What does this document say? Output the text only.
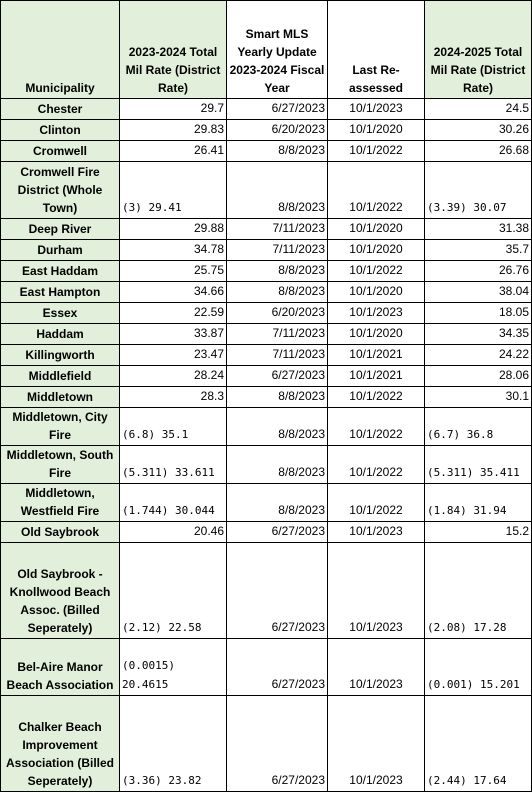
Municipality	2023-2024 Total Mil Rate (District Rate)	Smart MLS Yearly Update 2023-2024 Fiscal Year	Last Re-assessed	2024-2025 Total Mil Rate (District Rate)
Chester	29.7	6/27/2023	10/1/2023	24.5
Clinton	29.83	6/20/2023	10/1/2020	30.26
Cromwell	26.41	8/8/2023	10/1/2022	26.68
Cromwell Fire District (Whole Town)	(3) 29.41	8/8/2023	10/1/2022	(3.39) 30.07
Deep River	29.88	7/11/2023	10/1/2020	31.38
Durham	34.78	7/11/2023	10/1/2020	35.7
East Haddam	25.75	8/8/2023	10/1/2022	26.76
East Hampton	34.66	8/8/2023	10/1/2020	38.04
Essex	22.59	6/20/2023	10/1/2023	18.05
Haddam	33.87	7/11/2023	10/1/2020	34.35
Killingworth	23.47	7/11/2023	10/1/2021	24.22
Middlefield	28.24	6/27/2023	10/1/2021	28.06
Middletown	28.3	8/8/2023	10/1/2022	30.1
Middletown, City Fire	(6.8) 35.1	8/8/2023	10/1/2022	(6.7) 36.8
Middletown, South Fire	(5.311) 33.611	8/8/2023	10/1/2022	(5.311) 35.411
Middletown, Westfield Fire	(1.744) 30.044	8/8/2023	10/1/2022	(1.84) 31.94
Old Saybrook	20.46	6/27/2023	10/1/2023	15.2
Old Saybrook - Knollwood Beach Assoc. (Billed Seperately)	(2.12) 22.58	6/27/2023	10/1/2023	(2.08) 17.28
Bel-Aire Manor Beach Association	(0.0015) 20.4615	6/27/2023	10/1/2023	(0.001) 15.201
Chalker Beach Improvement Association (Billed Seperately)	(3.36) 23.82	6/27/2023	10/1/2023	(2.44) 17.64
